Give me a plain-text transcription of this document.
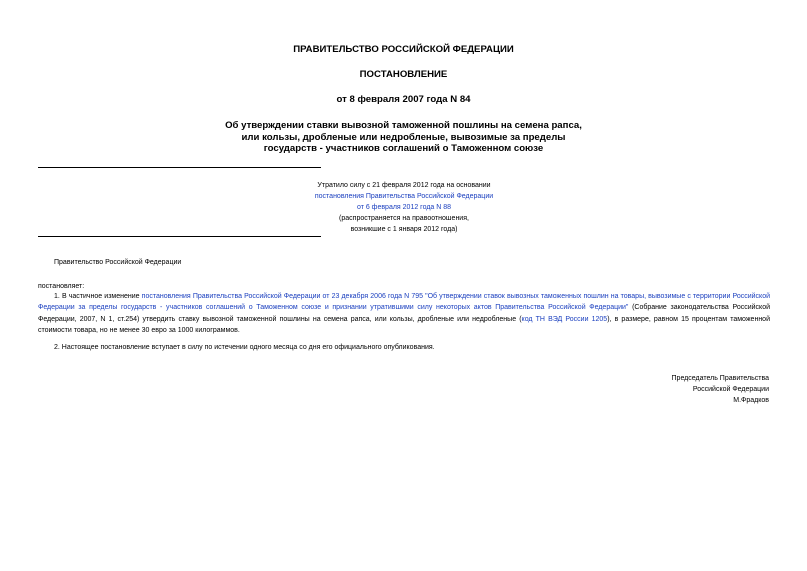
ПРАВИТЕЛЬСТВО РОССИЙСКОЙ ФЕДЕРАЦИИ
ПОСТАНОВЛЕНИЕ
от 8 февраля 2007 года N 84
Об утверждении ставки вывозной таможенной пошлины на семена рапса,
или кользы, дробленые или недробленые, вывозимые за пределы
государств - участников соглашений о Таможенном союзе
Утратило силу с 21 февраля 2012 года на основании
постановления Правительства Российской Федерации
от 6 февраля 2012 года N 88
(распространяется на правоотношения,
возникшие с 1 января 2012 года)
Правительство Российской Федерации
постановляет:
1. В частичное изменение постановления Правительства Российской Федерации от 23 декабря 2006 года N 795 "Об утверждении ставок вывозных таможенных пошлин на товары, вывозимые с территории Российской Федерации за пределы государств - участников соглашений о Таможенном союзе и признании утратившими силу некоторых актов Правительства Российской Федерации" (Собрание законодательства Российской Федерации, 2007, N 1, ст.254) утвердить ставку вывозной таможенной пошлины на семена рапса, или кользы, дробленые или недробленые (код ТН ВЭД России 1205), в размере, равном 15 процентам таможенной стоимости товара, но не менее 30 евро за 1000 килограммов.
2. Настоящее постановление вступает в силу по истечении одного месяца со дня его официального опубликования.
Председатель Правительства
Российской Федерации
М.Фрадков
